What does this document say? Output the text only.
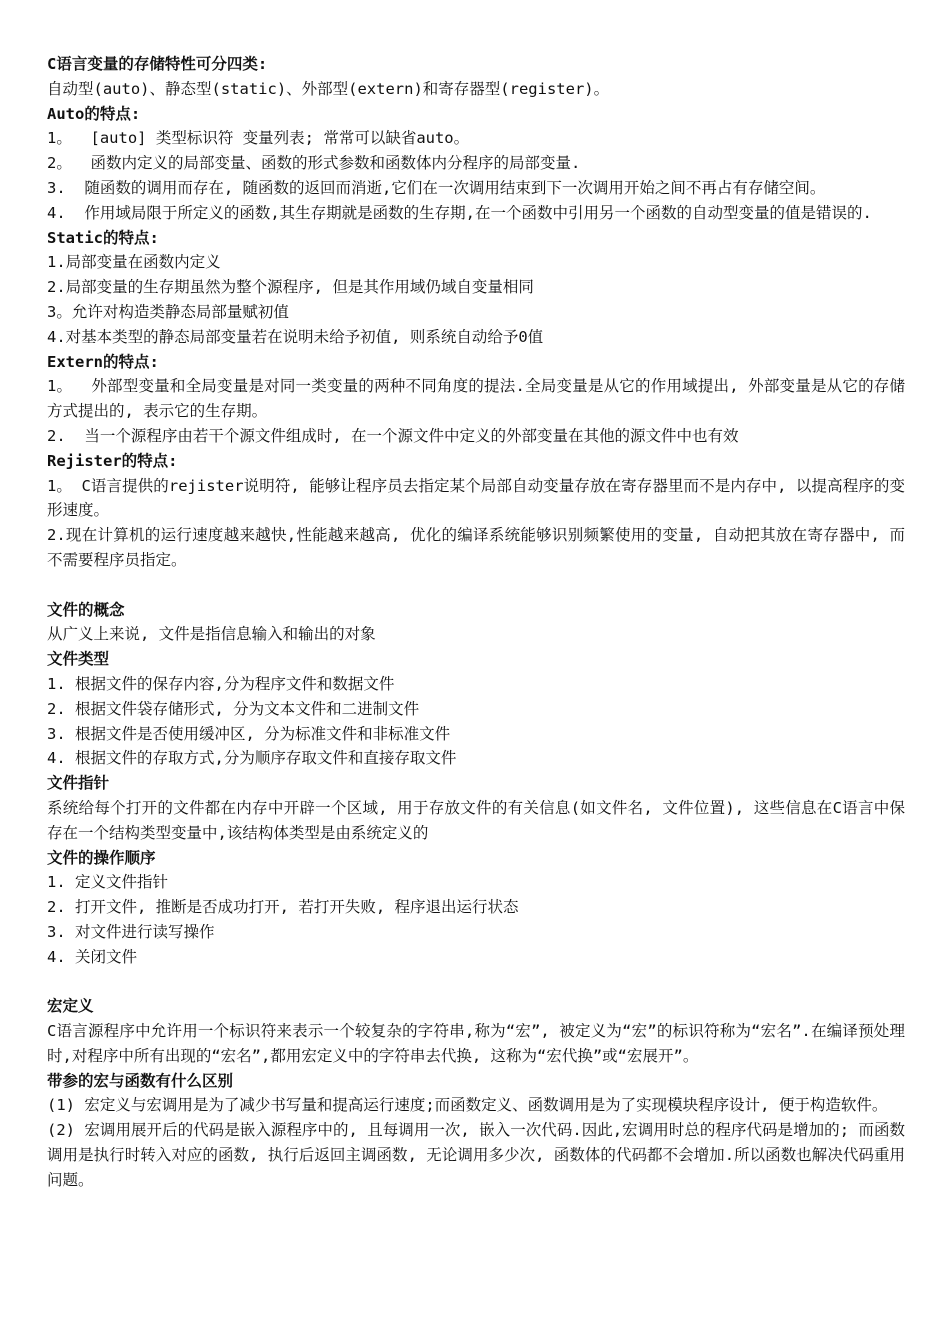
C语言变量的存储特性可分四类:
自动型(auto)、静态型(static)、外部型(extern)和寄存器型(register)。
Auto的特点:
1。  [auto] 类型标识符 变量列表; 常常可以缺省auto。
2。  函数内定义的局部变量、函数的形式参数和函数体内分程序的局部变量.
3.  随函数的调用而存在, 随函数的返回而消逝,它们在一次调用结束到下一次调用开始之间不再占有存储空间。
4.  作用域局限于所定义的函数,其生存期就是函数的生存期,在一个函数中引用另一个函数的自动型变量的值是错误的.
Static的特点:
1.局部变量在函数内定义
2.局部变量的生存期虽然为整个源程序, 但是其作用域仍域自变量相同
3。允许对构造类静态局部量赋初值
4.对基本类型的静态局部变量若在说明未给予初值, 则系统自动给予0值
Extern的特点:
1。  外部型变量和全局变量是对同一类变量的两种不同角度的提法.全局变量是从它的作用域提出, 外部变量是从它的存储方式提出的, 表示它的生存期。
2.  当一个源程序由若干个源文件组成时, 在一个源文件中定义的外部变量在其他的源文件中也有效
Rejister的特点:
1。 C语言提供的rejister说明符, 能够让程序员去指定某个局部自动变量存放在寄存器里而不是内存中, 以提高程序的变形速度。
2.现在计算机的运行速度越来越快,性能越来越高, 优化的编译系统能够识别频繁使用的变量, 自动把其放在寄存器中, 而不需要程序员指定。
文件的概念
从广义上来说, 文件是指信息输入和输出的对象
文件类型
1. 根据文件的保存内容,分为程序文件和数据文件
2. 根据文件袋存储形式, 分为文本文件和二进制文件
3. 根据文件是否使用缓冲区, 分为标准文件和非标准文件
4. 根据文件的存取方式,分为顺序存取文件和直接存取文件
文件指针
系统给每个打开的文件都在内存中开辟一个区域, 用于存放文件的有关信息(如文件名, 文件位置), 这些信息在C语言中保存在一个结构类型变量中,该结构体类型是由系统定义的
文件的操作顺序
1. 定义文件指针
2. 打开文件, 推断是否成功打开, 若打开失败, 程序退出运行状态
3. 对文件进行读写操作
4. 关闭文件
宏定义
C语言源程序中允许用一个标识符来表示一个较复杂的字符串,称为“宏”, 被定义为“宏”的标识符称为“宏名”.在编译预处理时,对程序中所有出现的“宏名”,都用宏定义中的字符串去代换, 这称为“宏代换”或“宏展开”。
带参的宏与函数有什么区别
(1) 宏定义与宏调用是为了减少书写量和提高运行速度;而函数定义、函数调用是为了实现模块程序设计, 便于构造软件。
(2) 宏调用展开后的代码是嵌入源程序中的, 且每调用一次, 嵌入一次代码.因此,宏调用时总的程序代码是增加的; 而函数调用是执行时转入对应的函数, 执行后返回主调函数, 无论调用多少次, 函数体的代码都不会增加.所以函数也解决代码重用问题。
